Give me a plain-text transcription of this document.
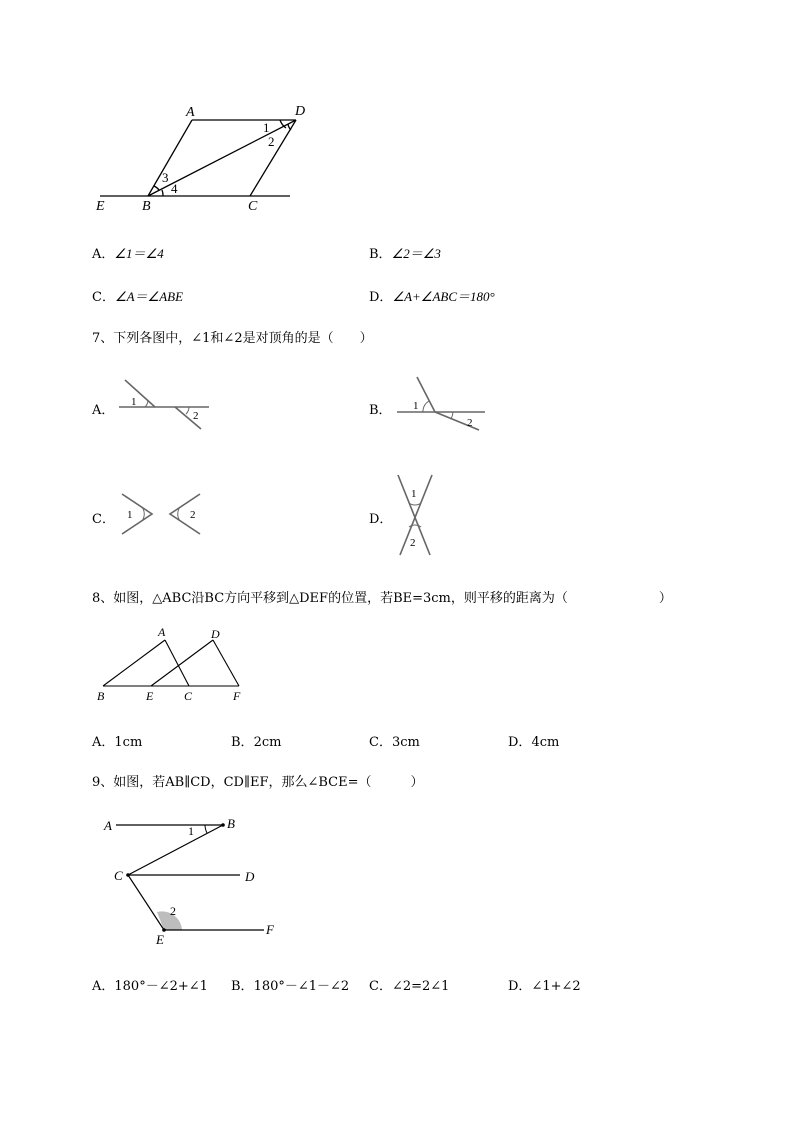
A	D
E	B	C
1
2
3
4
A．∠1＝∠4	B．∠2＝∠3
C．∠A＝∠ABE	D．∠A+∠ABC＝180°
7、下列各图中，∠1和∠2是对顶角的是（　　）
A．
1
2	B． 1
2
C． 1	2	D．
1
2
8、如图，△ABC沿BC方向平移到△DEF的位置，若BE=3cm，则平移的距离为（　　　　　　　）
A	D
B	E	C	F
A．1cm	B．2cm	C．3cm	D．4cm
9、如图，若AB∥CD，CD∥EF，那么∠BCE=（　　　）
A	B
C	D
E
F
1
2
A．180°－∠2+∠1 B．180°－∠1－∠2 C．∠2=2∠1	D．∠1+∠2
